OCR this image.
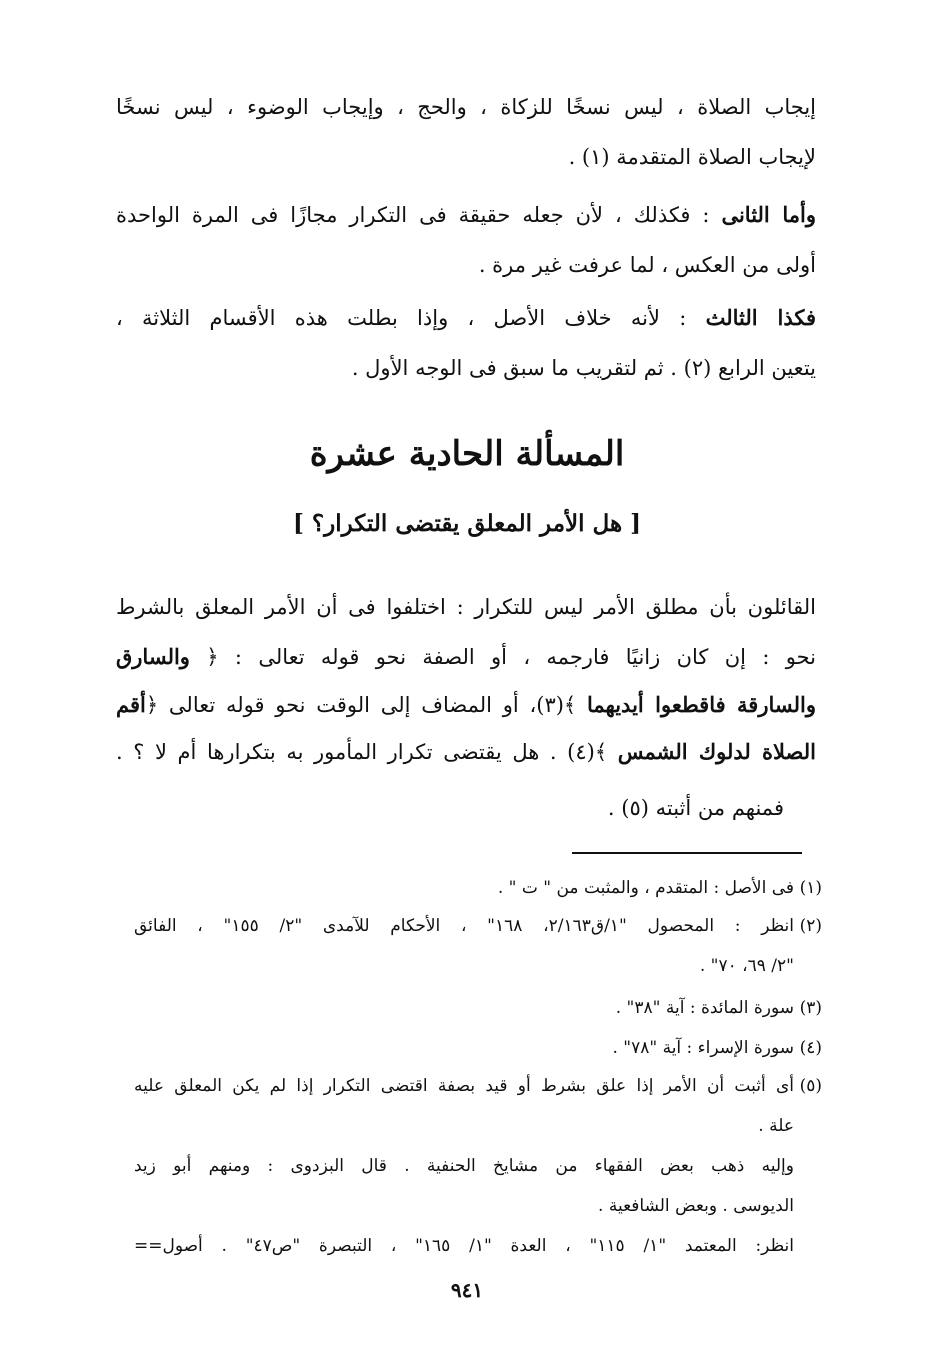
إيجاب الصلاة ، ليس نسخًا للزكاة ، والحج ، وإيجاب الوضوء ، ليس نسخًا
لإيجاب الصلاة المتقدمة (١) .
وأما الثانى : فكذلك ، لأن جعله حقيقة فى التكرار مجازًا فى المرة الواحدة
أولى من العكس ، لما عرفت غير مرة .
فكذا الثالث : لأنه خلاف الأصل ، وإذا بطلت هذه الأقسام الثلاثة ،
يتعين الرابع (٢) . ثم لتقريب ما سبق فى الوجه الأول .
المسألة الحادية عشرة
[ هل الأمر المعلق يقتضى التكرار؟ ]
القائلون بأن مطلق الأمر ليس للتكرار : اختلفوا فى أن الأمر المعلق بالشرط
نحو : إن كان زانيًا فارجمه ، أو الصفة نحو قوله تعالى : ﴿ والسارق
والسارقة فاقطعوا أيديهما ﴾(٣)، أو المضاف إلى الوقت نحو قوله تعالى ﴿أقم
الصلاة لدلوك الشمس ﴾(٤) . هل يقتضى تكرار المأمور به بتكرارها أم لا ؟ .
فمنهم من أثبته (٥) .
(١)
فى الأصل : المتقدم ، والمثبت من " ت " .
(٢)
انظر : المحصول "١/ق٢/١٦٣، ١٦٨" ، الأحكام للآمدى "٢/ ١٥٥" ، الفائق
"٢/ ٦٩، ٧٠" .
(٣)
سورة المائدة : آية "٣٨" .
(٤)
سورة الإسراء : آية "٧٨" .
(٥)
أى أثبت أن الأمر إذا علق بشرط أو قيد بصفة اقتضى التكرار إذا لم يكن المعلق عليه
علة .
وإليه ذهب بعض الفقهاء من مشايخ الحنفية . قال البزدوى : ومنهم أبو زيد
الديوسى . وبعض الشافعية .
انظر: المعتمد "١/ ١١٥" ، العدة "١/ ١٦٥" ، التبصرة "ص٤٧" . أصول==
٩٤١
